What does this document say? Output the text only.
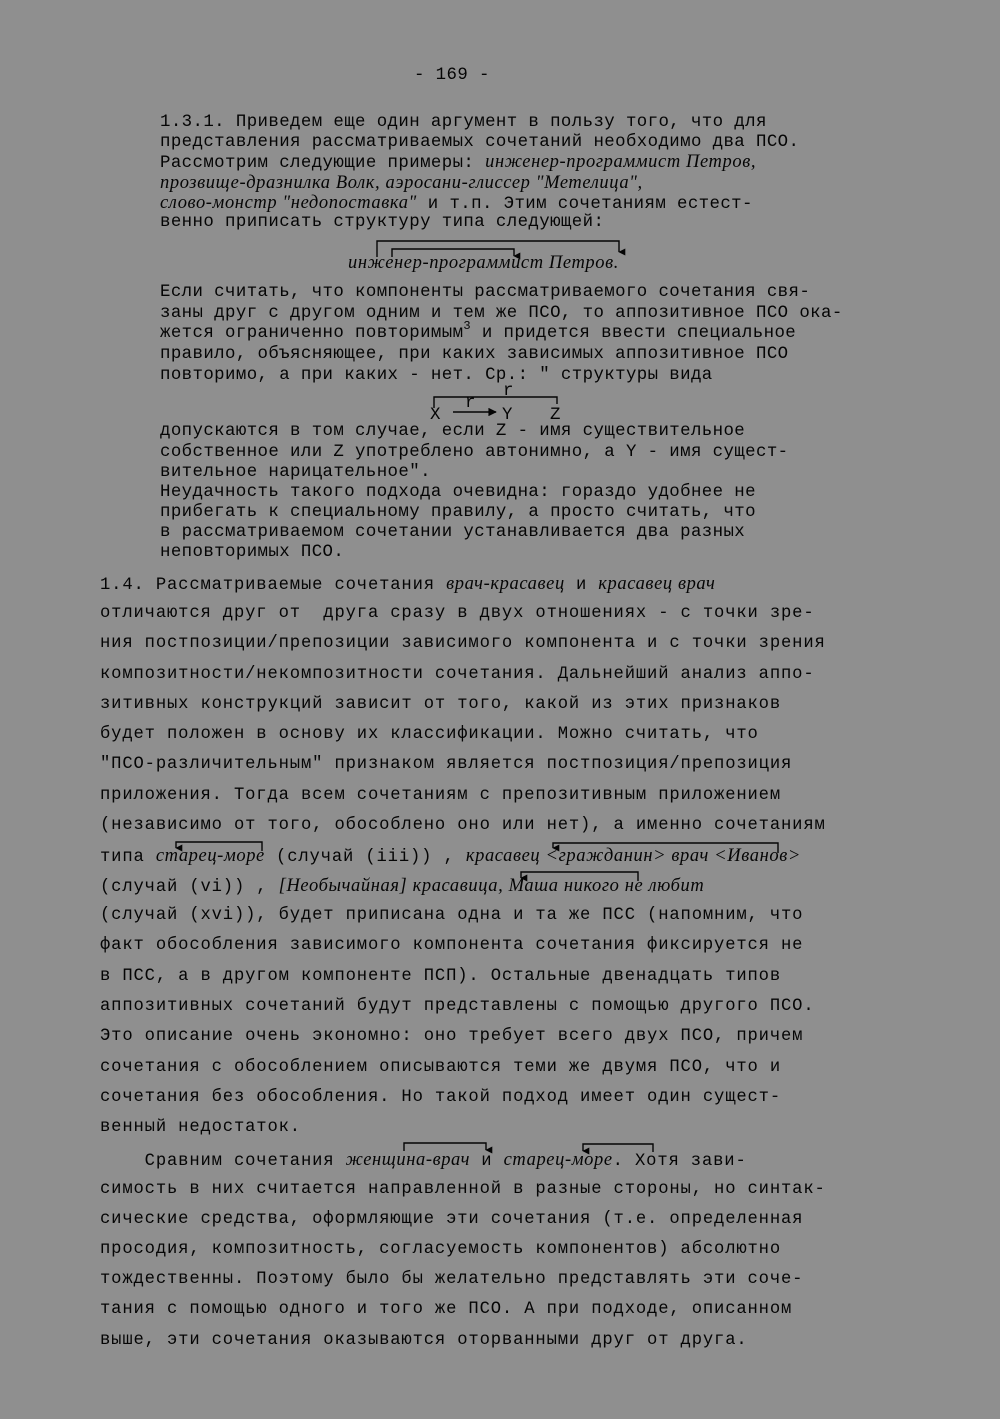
- 169 -
1.3.1. Приведем еще один аргумент в пользу того, что для
представления рассматриваемых сочетаний необходимо два ПСО.
Рассмотрим следующие примеры: инженер-программист Петров,
прозвище-дразнилка Волк, аэросани-глиссер "Метелица",
слово-монстр "недопоставка" и т.п. Этим сочетаниям естест-
венно приписать структуру типа следующей:
инженер-программист Петров.
Если считать, что компоненты рассматриваемого сочетания свя-
заны друг с другом одним и тем же ПСО, то аппозитивное ПСО ока-
жется ограниченно повторимым$^3$ и придется ввести специальное
правило, объясняющее, при каких зависимых аппозитивное ПСО
повторимо, а при каких - нет. Ср.: " структуры вида
r
r
X	Y Z
допускаются в том случае, если Z - имя существительное
собственное или Z употреблено автонимно, а Y - имя сущест-
вительное нарицательное".
Неудачность такого подхода очевидна: гораздо удобнее не
прибегать к специальному правилу, а просто считать, что
в рассматриваемом сочетании устанавливается два разных
неповторимых ПСО.
1.4. Рассматриваемые сочетания врач-красавец и красавец врач
отличаются друг от  друга сразу в двух отношениях - с точки зре-
ния постпозиции/препозиции зависимого компонента и с точки зрения
композитности/некомпозитности сочетания. Дальнейший анализ аппо-
зитивных конструкций зависит от того, какой из этих признаков
будет положен в основу их классификации. Можно считать, что
"ПСО-различительным" признаком является постпозиция/препозиция
приложения. Тогда всем сочетаниям с препозитивным приложением
(независимо от того, обособлено оно или нет), а именно сочетаниям
типа старец-море (случай (iii)) , красавец <гражданин> врач <Иванов>
(случай (vi)) , [Необычайная] красавица, Маша никого не любит
(случай (xvi)), будет приписана одна и та же ПСС (напомним, что
факт обособления зависимого компонента сочетания фиксируется не
в ПСС, а в другом компоненте ПСП). Остальные двенадцать типов
аппозитивных сочетаний будут представлены с помощью другого ПСО.
Это описание очень экономно: оно требует всего двух ПСО, причем
сочетания с обособлением описываются теми же двумя ПСО, что и
сочетания без обособления. Но такой подход имеет один сущест-
венный недостаток.
Сравним сочетания женщина-врач и старец-море. Хотя зави-
симость в них считается направленной в разные стороны, но синтак-
сические средства, оформляющие эти сочетания (т.е. определенная
просодия, композитность, согласуемость компонентов) абсолютно
тождественны. Поэтому было бы желательно представлять эти соче-
тания с помощью одного и того же ПСО. А при подходе, описанном
выше, эти сочетания оказываются оторванными друг от друга.
